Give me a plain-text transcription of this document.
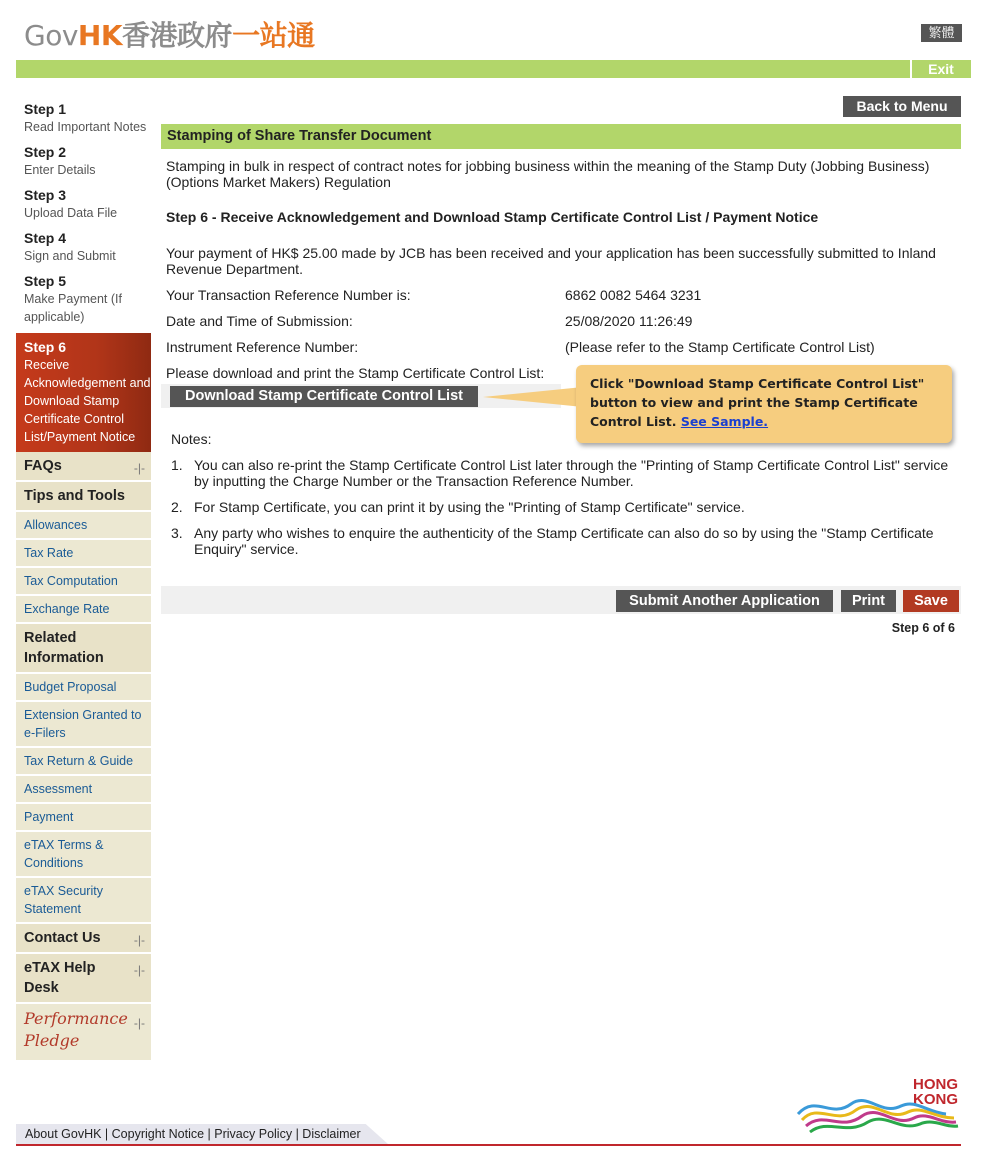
GovHK香港政府一站通	繁體
Exit
Step 1
Read Important Notes
Step 2
Enter Details
Step 3
Upload Data File
Step 4
Sign and Submit
Step 5
Make Payment (If applicable)
Step 6
Receive Acknowledgement and Download Stamp Certificate Control List/Payment Notice
FAQs	-|-
Tips and Tools
Allowances
Tax Rate
Tax Computation
Exchange Rate
Related Information
Budget Proposal
Extension Granted to e-Filers
Tax Return & Guide
Assessment
Payment
eTAX Terms & Conditions
eTAX Security Statement
Contact Us	-|-
eTAX Help Desk
-|-
Performance
Pledge
-|-
Back to Menu
Stamping of Share Transfer Document
Stamping in bulk in respect of contract notes for jobbing business within the meaning of the Stamp Duty (Jobbing Business) (Options Market Makers) Regulation
Step 6 - Receive Acknowledgement and Download Stamp Certificate Control List / Payment Notice
Your payment of HK$ 25.00 made by JCB has been received and your application has been successfully submitted to Inland Revenue Department.
Your Transaction Reference Number is:	6862 0082 5464 3231
Date and Time of Submission:	25/08/2020 11:26:49
Instrument Reference Number:	(Please refer to the Stamp Certificate Control List)
Please download and print the Stamp Certificate Control List:
Download Stamp Certificate Control List
Click "Download Stamp Certificate Control List" button to view and print the Stamp Certificate Control List. See Sample.
Notes:
1. You can also re-print the Stamp Certificate Control List later through the "Printing of Stamp Certificate Control List" service by inputting the Charge Number or the Transaction Reference Number.
2. For Stamp Certificate, you can print it by using the "Printing of Stamp Certificate" service.
3. Any party who wishes to enquire the authenticity of the Stamp Certificate can also do so by using the "Stamp Certificate Enquiry" service.
Submit Another Application	Print	Save
Step 6 of 6
About GovHK | Copyright Notice | Privacy Policy | Disclaimer
HONG
KONG
